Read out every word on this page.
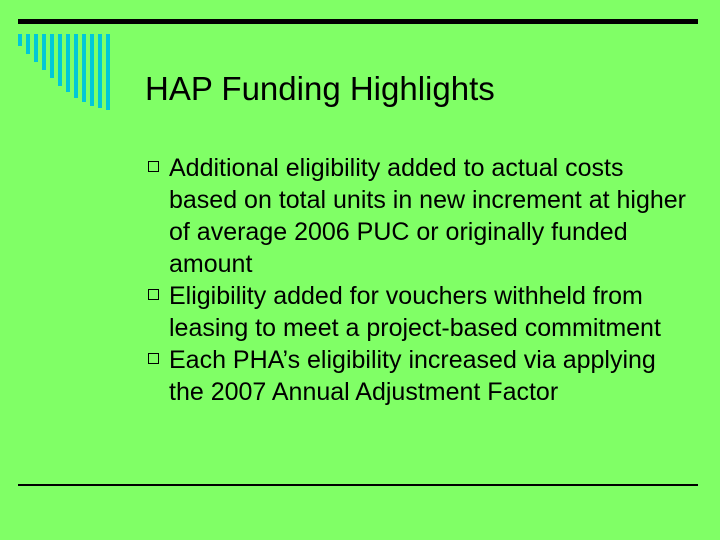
HAP Funding Highlights
Additional eligibility added to actual costs based on total units in new increment at higher of average 2006 PUC or originally funded amount
Eligibility added for vouchers withheld from leasing to meet a project-based commitment
Each PHA’s eligibility increased via applying the 2007 Annual Adjustment Factor
